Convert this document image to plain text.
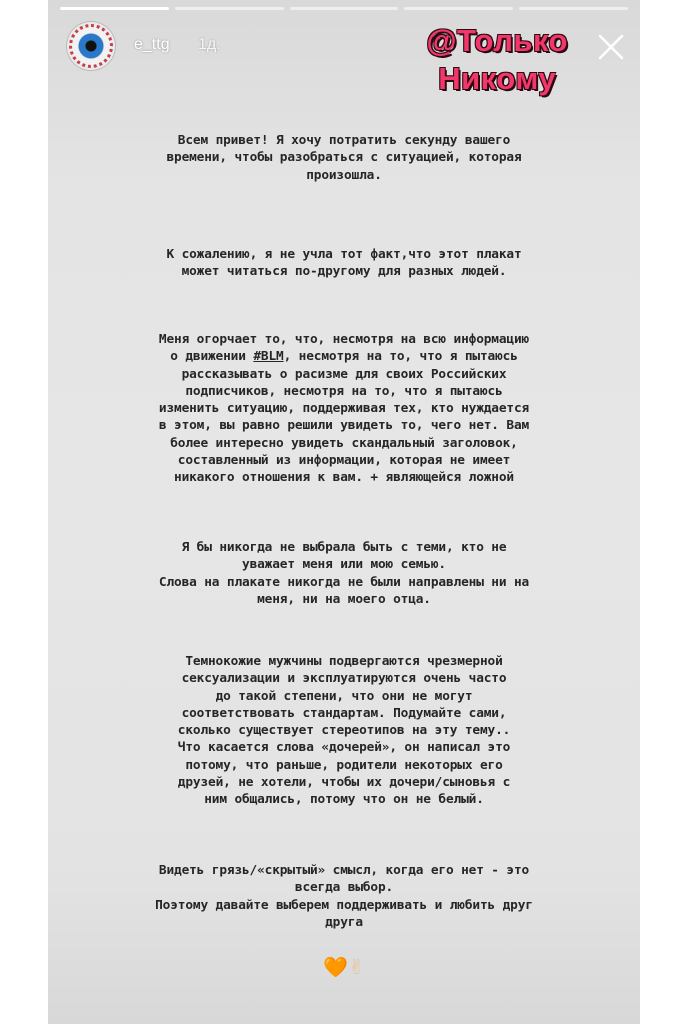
e_ttg 1д.	@Только
Никому
Всем привет! Я хочу потратить секунду вашего
времени, чтобы разобраться с ситуацией, которая
произошла.
К сожалению, я не учла тот факт,что этот плакат
может читаться по-другому для разных людей.
Меня огорчает то, что, несмотря на всю информацию
о движении #BLM, несмотря на то, что я пытаюсь
рассказывать о расизме для своих Российских
подписчиков, несмотря на то, что я пытаюсь
изменить ситуацию, поддерживая тех, кто нуждается
в этом, вы равно решили увидеть то, чего нет. Вам
более интересно увидеть скандальный заголовок,
составленный из информации, которая не имеет
никакого отношения к вам. + являющейся ложной
Я бы никогда не выбрала быть с теми, кто не
уважает меня или мою семью.
Слова на плакате никогда не были направлены ни на
меня, ни на моего отца.
Темнокожие мужчины подвергаются чрезмерной
сексуализации и эксплуатируются очень часто
до такой степени, что они не могут
соответствовать стандартам. Подумайте сами,
сколько существует стереотипов на эту тему..
Что касается слова «дочерей», он написал это
потому, что раньше, родители некоторых его
друзей, не хотели, чтобы их дочери/сыновья с
ним общались, потому что он не белый.
Видеть грязь/«скрытый» смысл, когда его нет - это
всегда выбор.
Поэтому давайте выберем поддерживать и любить друг
друга
🧡✌
